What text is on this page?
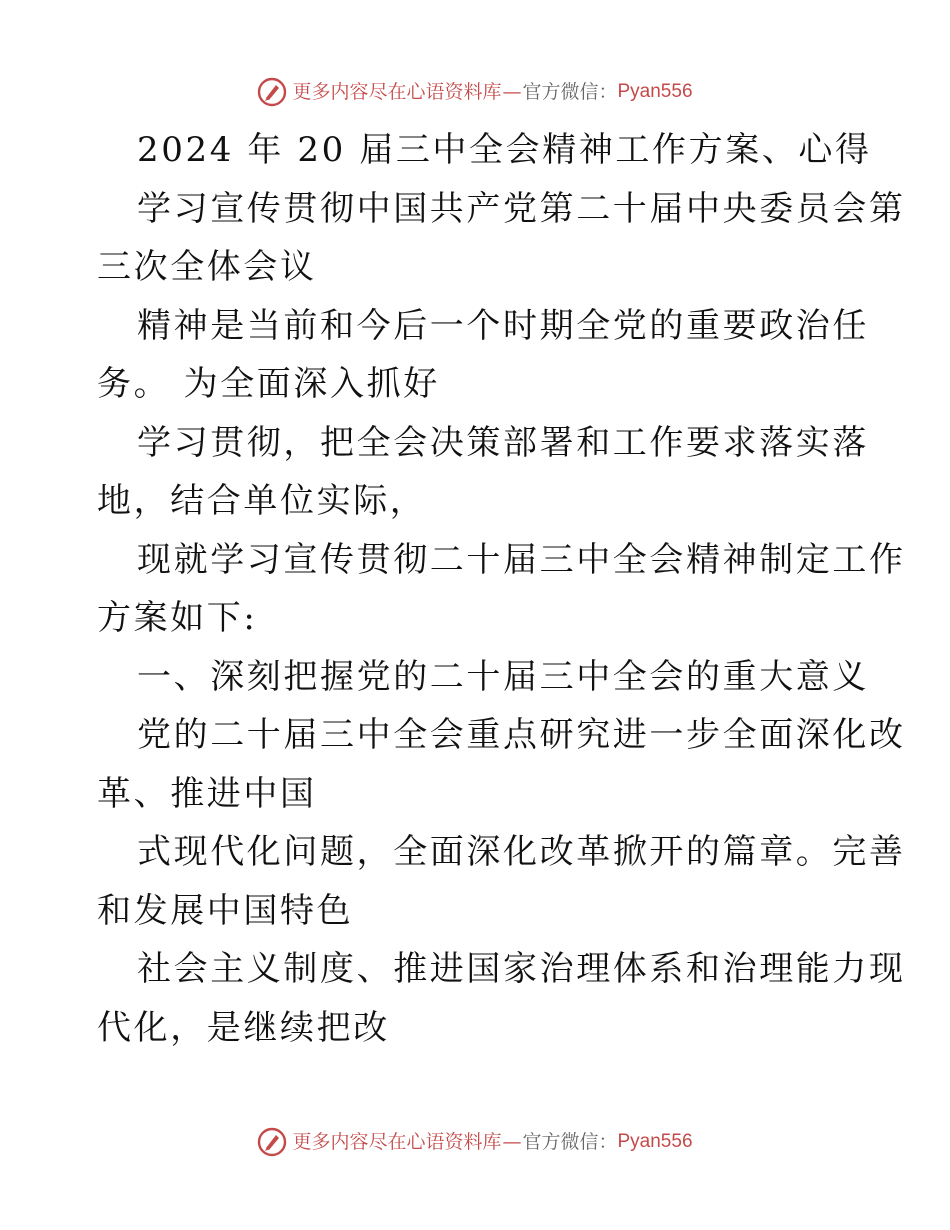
更多内容尽在心语资料库 — 官方微信： Pyan556
2024 年 20 届三中全会精神工作方案、心得
学习宣传贯彻中国共产党第二十届中央委员会第
三次全体会议
精神是当前和今后一个时期全党的重要政治任
务。 为全面深入抓好
学习贯彻，把全会决策部署和工作要求落实落
地，结合单位实际，
现就学习宣传贯彻二十届三中全会精神制定工作
方案如下:
一、深刻把握党的二十届三中全会的重大意义
党的二十届三中全会重点研究进一步全面深化改
革、推进中国
式现代化问题，全面深化改革掀开的篇章。完善
和发展中国特色
社会主义制度、推进国家治理体系和治理能力现
代化，是继续把改
更多内容尽在心语资料库 — 官方微信： Pyan556
